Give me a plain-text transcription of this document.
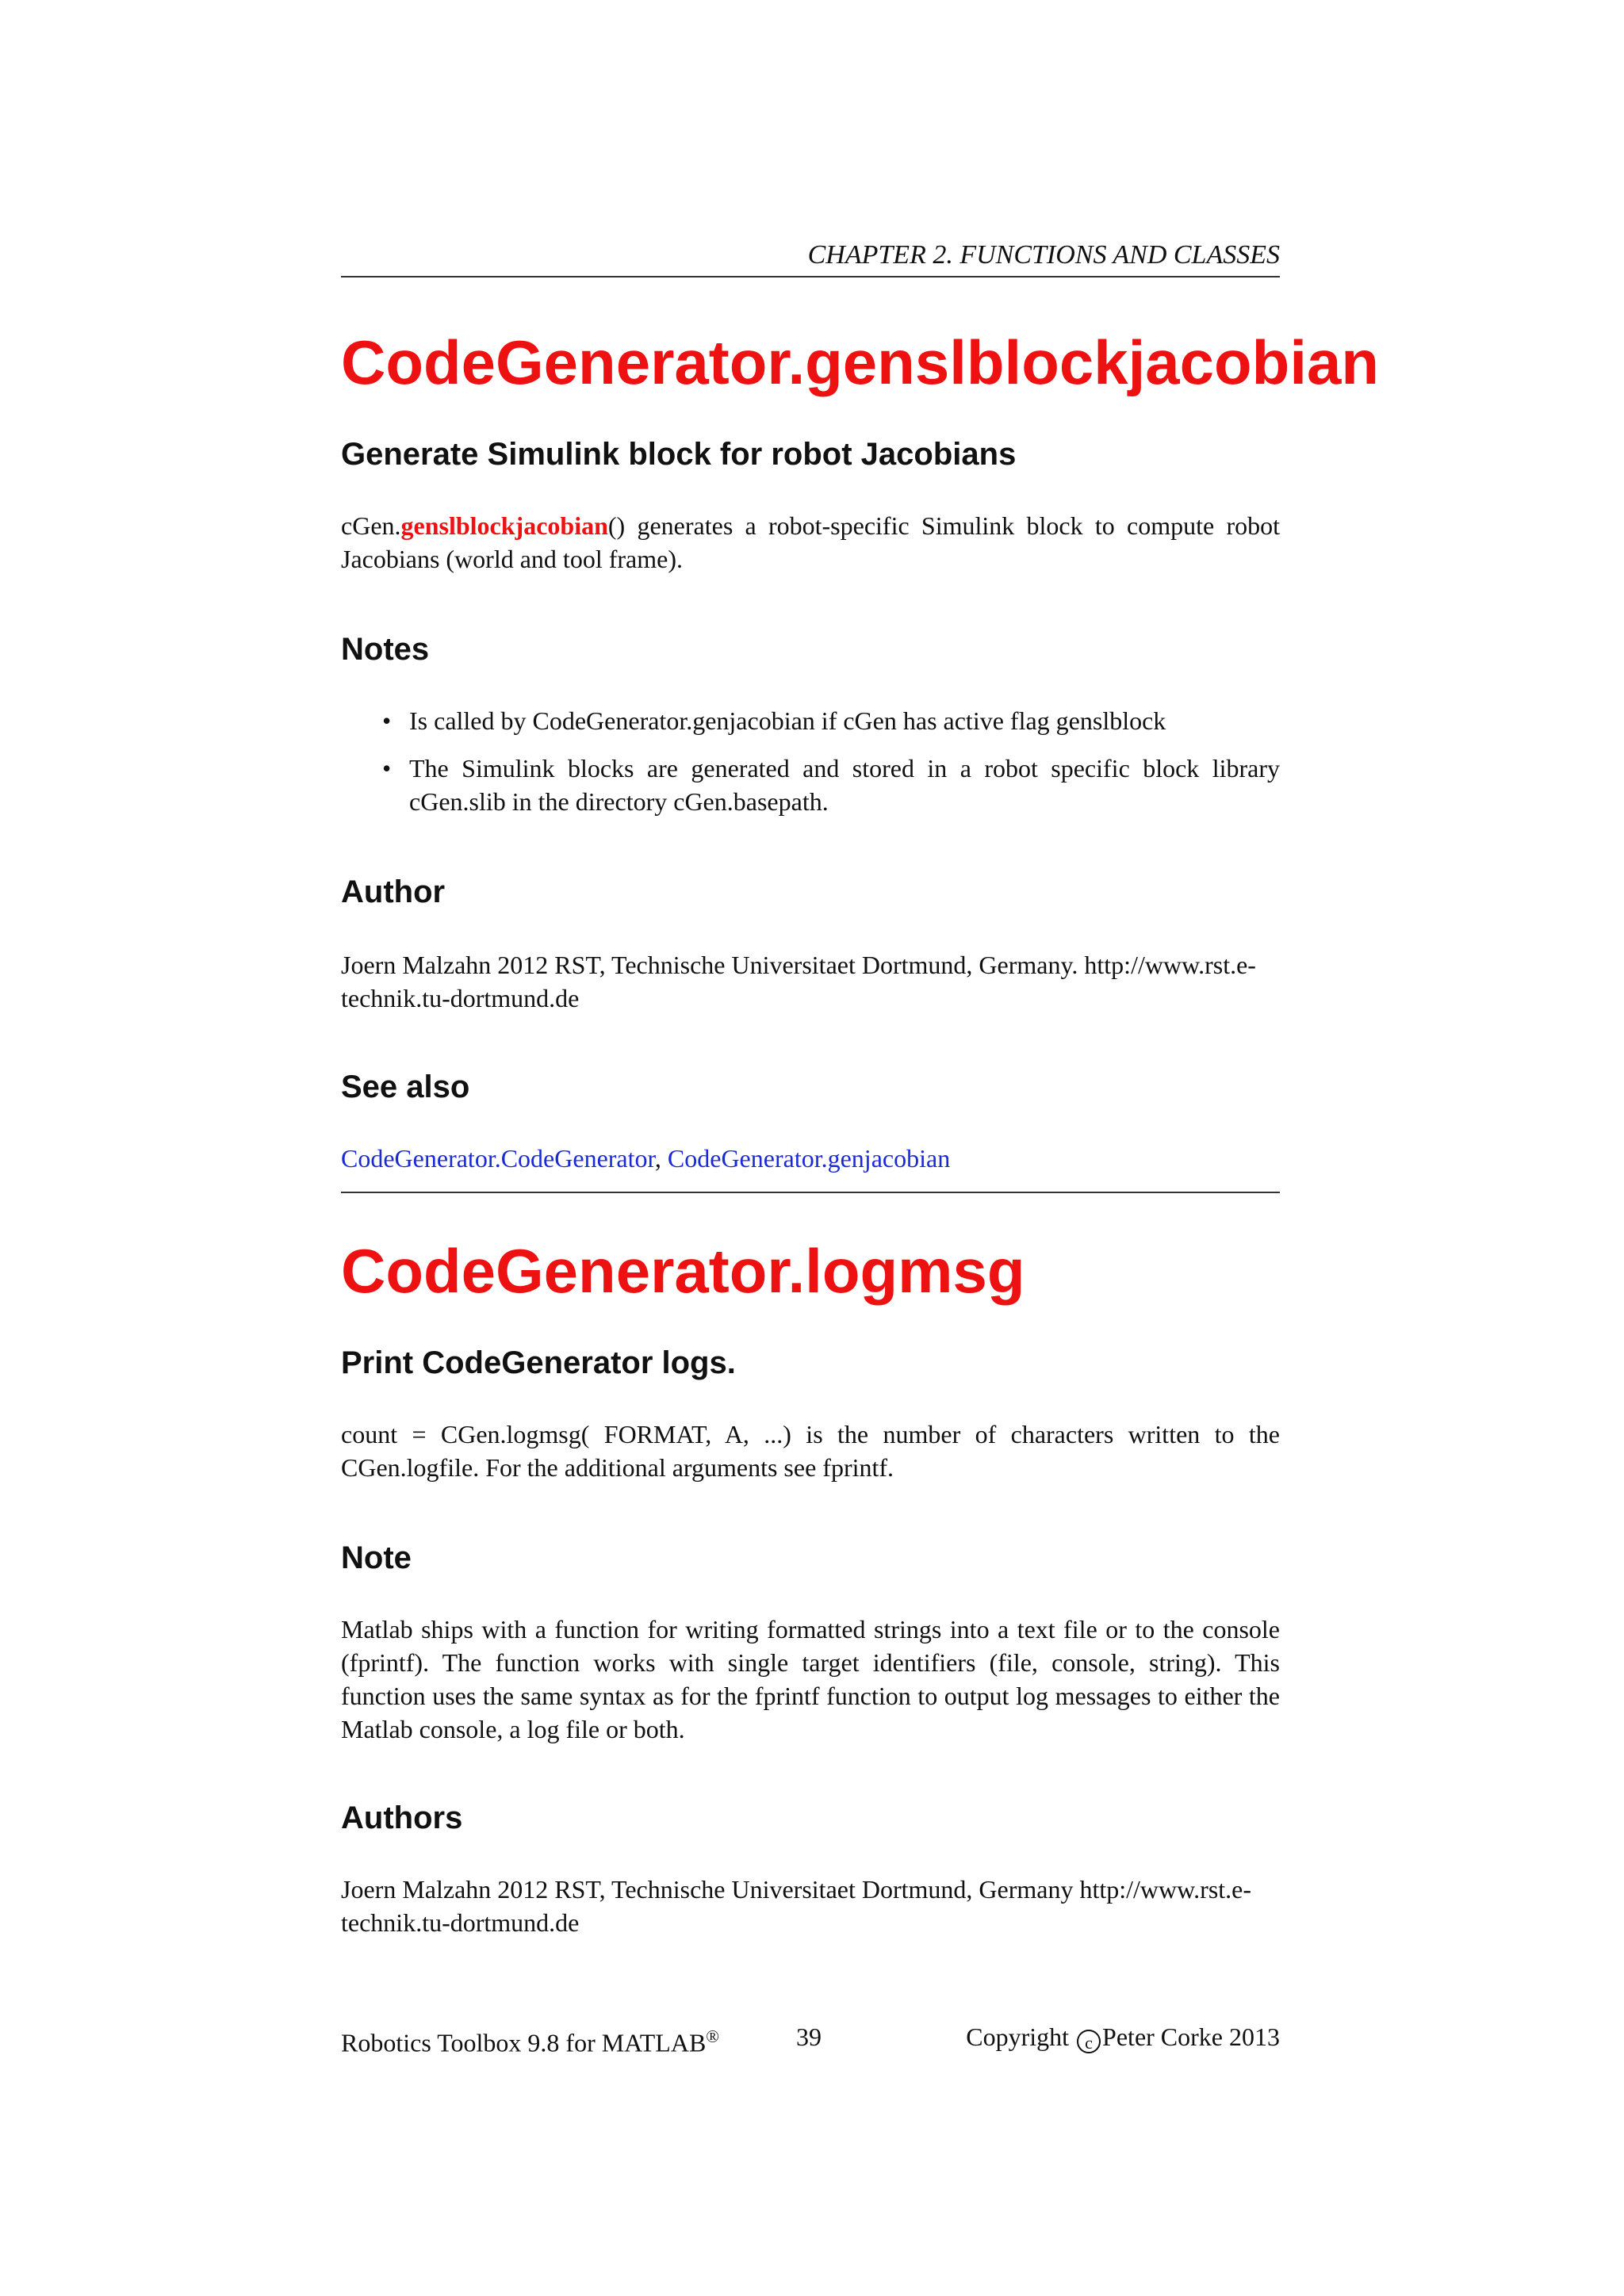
CHAPTER 2. FUNCTIONS AND CLASSES
CodeGenerator.genslblockjacobian
Generate Simulink block for robot Jacobians

cGen.genslblockjacobian() generates a robot-specific Simulink block to compute robot Jacobians (world and tool frame).

Notes
• Is called by CodeGenerator.genjacobian if cGen has active flag genslblock
• The Simulink blocks are generated and stored in a robot specific block library cGen.slib in the directory cGen.basepath.
Author

Joern Malzahn 2012 RST, Technische Universitaet Dortmund, Germany. http://www.rst.e-technik.tu-dortmund.de

See also

CodeGenerator.CodeGenerator, CodeGenerator.genjacobian

CodeGenerator.logmsg
Print CodeGenerator logs.

count = CGen.logmsg( FORMAT, A, ...) is the number of characters written to the CGen.logfile. For the additional arguments see fprintf.

Note

Matlab ships with a function for writing formatted strings into a text file or to the console (fprintf). The function works with single target identifiers (file, console, string). This function uses the same syntax as for the fprintf function to output log messages to either the Matlab console, a log file or both.

Authors

Joern Malzahn 2012 RST, Technische Universitaet Dortmund, Germany http://www.rst.e-technik.tu-dortmund.de

Robotics Toolbox 9.8 for MATLAB®	39	Copyright c Peter Corke 2013
